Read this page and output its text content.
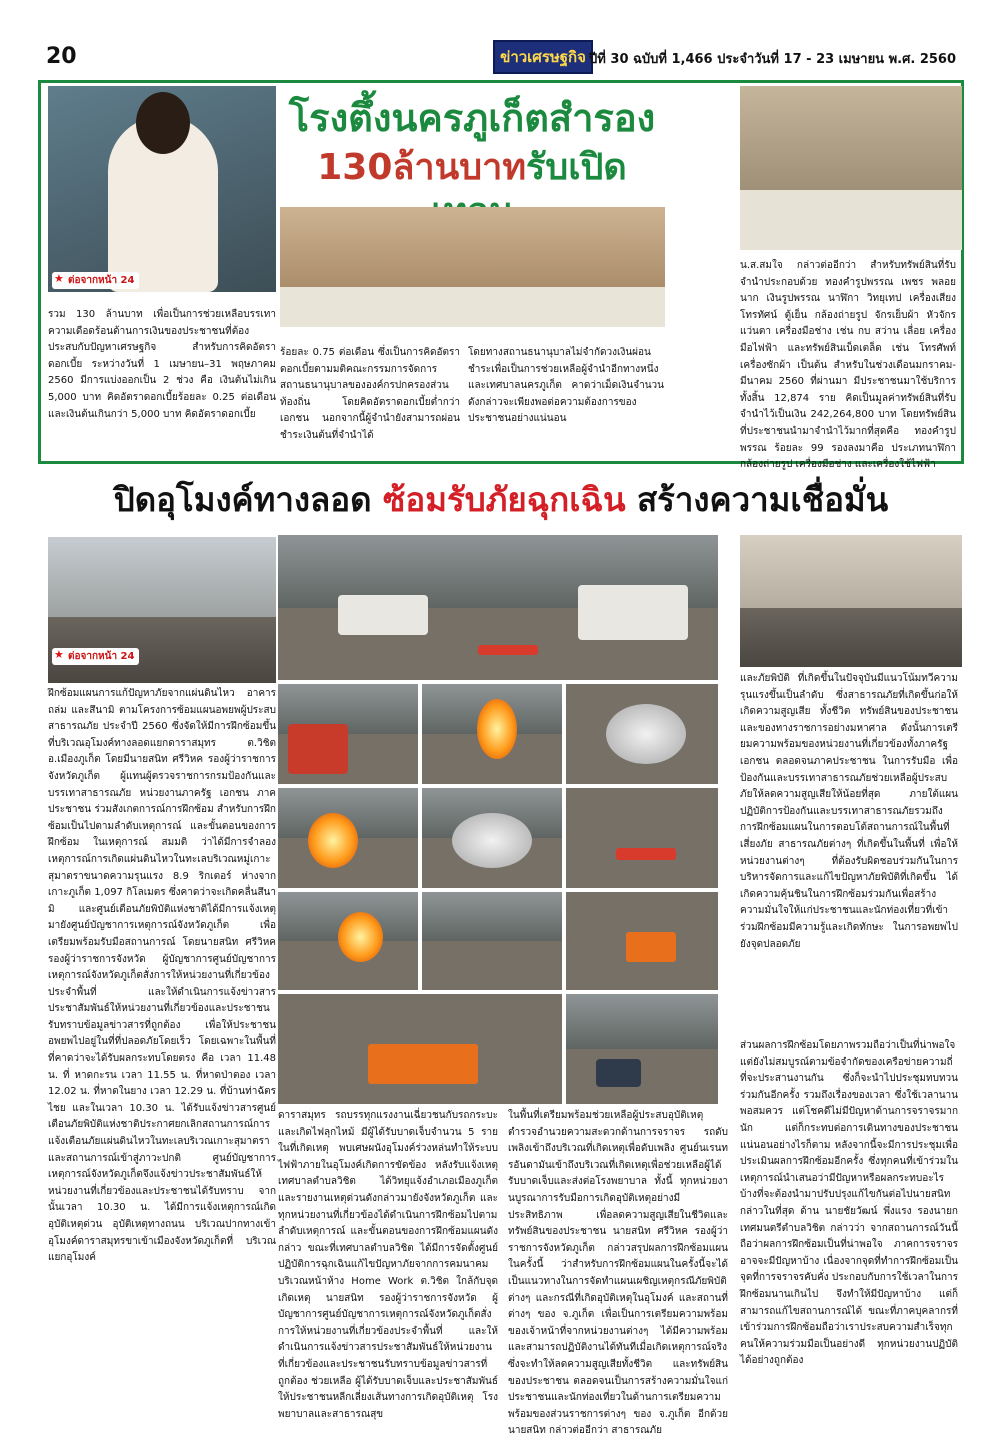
20	ข่าวเศรษฐกิจ ปีที่ 30 ฉบับที่ 1,466 ประจำวันที่ 17 - 23 เมษายน พ.ศ. 2560
★ ต่อจากหน้า 24
โรงตึ้งนครภูเก็ตสำรอง
130ล้านบาทรับเปิด
รวม 130 ล้านบาท เพื่อเป็นการช่วยเหลือบรรเทาความเดือดร้อนด้านการเงินของประชาชนที่ต้องประสบกับปัญหาเศรษฐกิจ สำหรับการคิดอัตราดอกเบี้ย ระหว่างวันที่ 1 เมษายน–31 พฤษภาคม 2560 มีการแบ่งออกเป็น 2 ช่วง คือ เงินต้นไม่เกิน 5,000 บาท คิดอัตราดอกเบี้ยร้อยละ 0.25 ต่อเดือน และเงินต้นเกินกว่า 5,000 บาท คิดอัตราดอกเบี้ย
ร้อยละ 0.75 ต่อเดือน ซึ่งเป็นการคิดอัตราดอกเบี้ยตามมติคณะกรรมการจัดการสถานธนานุบาลขององค์กรปกครองส่วนท้องถิ่น โดยคิดอัตราดอกเบี้ยต่ำกว่าเอกชน นอกจากนี้ผู้จำนำยังสามารถผ่อนชำระเงินต้นที่จำนำได้
โดยทางสถานธนานุบาลไม่จำกัดวงเงินผ่อนชำระเพื่อเป็นการช่วยเหลือผู้จำนำอีกทางหนึ่ง และเทศบาลนครภูเก็ต คาดว่าเม็ดเงินจำนวนดังกล่าวจะเพียงพอต่อความต้องการของประชาชนอย่างแน่นอน
น.ส.สมใจ กล่าวต่ออีกว่า สำหรับทรัพย์สินที่รับจำนำประกอบด้วย ทองคำรูปพรรณ เพชร พลอย นาก เงินรูปพรรณ นาฬิกา วิทยุเทป เครื่องเสียง โทรทัศน์ ตู้เย็น กล้องถ่ายรูป จักรเย็บผ้า หัวจักร แว่นตา เครื่องมือช่าง เช่น กบ สว่าน เลื่อย เครื่องมือไฟฟ้า และทรัพย์สินเบ็ดเตล็ด เช่น โทรศัพท์ เครื่องซักผ้า เป็นต้น สำหรับในช่วงเดือนมกราคม-มีนาคม 2560 ที่ผ่านมา มีประชาชนมาใช้บริการทั้งสิ้น 12,874 ราย คิดเป็นมูลค่าทรัพย์สินที่รับจำนำไว้เป็นเงิน 242,264,800 บาท โดยทรัพย์สินที่ประชาชนนำมาจำนำไว้มากที่สุดคือ ทองคำรูปพรรณ ร้อยละ 99 รองลงมาคือ ประเภทนาฬิกา กล้องถ่ายรูป เครื่องมือช่าง และเครื่องใช้ไฟฟ้า
ปิดอุโมงค์ทางลอด ซ้อมรับภัยฉุกเฉิน สร้างความเชื่อมั่น
★ ต่อจากหน้า 24
ฝึกซ้อมแผนการแก้ปัญหาภัยจากแผ่นดินไหว อาคารถล่ม และสึนามิ ตามโครงการซ้อมแผนอพยพผู้ประสบสาธารณภัย ประจำปี 2560 ซึ่งจัดให้มีการฝึกซ้อมขึ้นที่บริเวณอุโมงค์ทางลอดแยกดาราสมุทร ต.วิชิต อ.เมืองภูเก็ต โดยมีนายสนิท ศรีวิหค รองผู้ว่าราชการจังหวัดภูเก็ต ผู้แทนผู้ตรวจราชการกรมป้องกันและบรรเทาสาธารณภัย หน่วยงานภาครัฐ เอกชน ภาคประชาชน ร่วมสังเกตการณ์การฝึกซ้อม สำหรับการฝึกซ้อมเป็นไปตามลำดับเหตุการณ์ และขั้นตอนของการฝึกซ้อม ในเหตุการณ์ สมมติ ว่าได้มีการจำลองเหตุการณ์การเกิดแผ่นดินไหวในทะเลบริเวณหมู่เกาะสุมาตราขนาดความรุนแรง 8.9 ริกเตอร์ ห่างจากเกาะภูเก็ต 1,097 กิโลเมตร ซึ่งคาดว่าจะเกิดคลื่นสึนามิ และศูนย์เตือนภัยพิบัติแห่งชาติได้มีการแจ้งเหตุมายังศูนย์บัญชาการเหตุการณ์จังหวัดภูเก็ต เพื่อเตรียมพร้อมรับมือสถานการณ์ โดยนายสนิท ศรีวิหค รองผู้ว่าราชการจังหวัด ผู้บัญชาการศูนย์บัญชาการเหตุการณ์จังหวัดภูเก็ตสั่งการให้หน่วยงานที่เกี่ยวข้องประจำพื้นที่ และให้ดำเนินการแจ้งข่าวสารประชาสัมพันธ์ให้หน่วยงานที่เกี่ยวข้องและประชาชนรับทราบข้อมูลข่าวสารที่ถูกต้อง เพื่อให้ประชาชนอพยพไปอยู่ในที่ที่ปลอดภัยโดยเร็ว โดยเฉพาะในพื้นที่ที่คาดว่าจะได้รับผลกระทบโดยตรง คือ เวลา 11.48 น. ที่ หาดกะรน เวลา 11.55 น. ที่หาดป่าตอง เวลา 12.02 น. ที่หาดในยาง เวลา 12.29 น. ที่บ้านท่าฉัตรไชย และในเวลา 10.30 น. ได้รับแจ้งข่าวสารศูนย์เตือนภัยพิบัติแห่งชาติประกาศยกเลิกสถานการณ์การแจ้งเตือนภัยแผ่นดินไหวในทะเลบริเวณเกาะสุมาตรา และสถานการณ์เข้าสู่ภาวะปกติ ศูนย์บัญชาการเหตุการณ์จังหวัดภูเก็ตจึงแจ้งข่าวประชาสัมพันธ์ให้หน่วยงานที่เกี่ยวข้องและประชาชนได้รับทราบ จากนั้นเวลา 10.30 น. ได้มีการแจ้งเหตุการณ์เกิด อุบัติเหตุด่วน อุบัติเหตุทางถนน บริเวณปากทางเข้าอุโมงค์ดาราสมุทรขาเข้าเมืองจังหวัดภูเก็ตที่ บริเวณแยกอุโมงค์
ดาราสมุทร รถบรรทุกแรงงานเฉี่ยวชนกับรถกระบะและเกิดไฟลุกไหม้ มีผู้ได้รับบาดเจ็บจำนวน 5 ราย ในที่เกิดเหตุ พบเศษผนังอุโมงค์ร่วงหล่นทำให้ระบบไฟฟ้าภายในอุโมงค์เกิดการขัดข้อง หลังรับแจ้งเหตุ เทศบาลตำบลวิชิต ได้วิทยุแจ้งอำเภอเมืองภูเก็ต และรายงานเหตุด่วนดังกล่าวมายังจังหวัดภูเก็ต และทุกหน่วยงานที่เกี่ยวข้องได้ดำเนินการฝึกซ้อมไปตามลำดับเหตุการณ์ และขั้นตอนของการฝึกซ้อมแผนดังกล่าว ขณะที่เทศบาลตำบลวิชิต ได้มีการจัดตั้งศูนย์ปฏิบัติการฉุกเฉินแก้ไขปัญหาภัยจากการคมนาคม บริเวณหน้าห้าง Home Work ต.วิชิต ใกล้กับจุดเกิดเหตุ นายสนิท รองผู้ว่าราชการจังหวัด ผู้บัญชาการศูนย์บัญชาการเหตุการณ์จังหวัดภูเก็ตสั่งการให้หน่วยงานที่เกี่ยวข้องประจำพื้นที่ และให้ดำเนินการแจ้งข่าวสารประชาสัมพันธ์ให้หน่วยงานที่เกี่ยวข้องและประชาชนรับทราบข้อมูลข่าวสารที่ถูกต้อง ช่วยเหลือ ผู้ได้รับบาดเจ็บและประชาสัมพันธ์ให้ประชาชนหลีกเลี่ยงเส้นทางการเกิดอุบัติเหตุ โรงพยาบาลและสาธารณสุข
ในพื้นที่เตรียมพร้อมช่วยเหลือผู้ประสบอุบัติเหตุ ตำรวจอำนวยความสะดวกด้านการจราจร รถดับเพลิงเข้าถึงบริเวณที่เกิดเหตุเพื่อดับเพลิง ศูนย์นเรนทรอันดามันเข้าถึงบริเวณที่เกิดเหตุเพื่อช่วยเหลือผู้ได้รับบาดเจ็บและส่งต่อโรงพยาบาล ทั้งนี้ ทุกหน่วยงานบูรณาการรับมือการเกิดอุบัติเหตุอย่างมีประสิทธิภาพ เพื่อลดความสูญเสียในชีวิตและทรัพย์สินของประชาชน นายสนิท ศรีวิหค รองผู้ว่าราชการจังหวัดภูเก็ต กล่าวสรุปผลการฝึกซ้อมแผนในครั้งนี้ ว่าสำหรับการฝึกซ้อมแผนในครั้งนี้จะได้เป็นแนวทางในการจัดทำแผนเผชิญเหตุกรณีภัยพิบัติต่างๆ และกรณีที่เกิดอุบัติเหตุในอุโมงค์ และสถานที่ต่างๆ ของ จ.ภูเก็ต เพื่อเป็นการเตรียมความพร้อมของเจ้าหน้าที่จากหน่วยงานต่างๆ ได้มีความพร้อม และสามารถปฏิบัติงานได้ทันทีเมื่อเกิดเหตุการณ์จริง ซึ่งจะทำให้ลดความสูญเสียทั้งชีวิต และทรัพย์สินของประชาชน ตลอดจนเป็นการสร้างความมั่นใจแก่ประชาชนและนักท่องเที่ยวในด้านการเตรียมความพร้อมของส่วนราชการต่างๆ ของ จ.ภูเก็ต อีกด้วย นายสนิท กล่าวต่ออีกว่า สาธารณภัย
และภัยพิบัติ ที่เกิดขึ้นในปัจจุบันมีแนวโน้มทวีความรุนแรงขึ้นเป็นลำดับ ซึ่งสาธารณภัยที่เกิดขึ้นก่อให้เกิดความสูญเสีย ทั้งชีวิต ทรัพย์สินของประชาชน และของทางราชการอย่างมหาศาล ดังนั้นการเตรียมความพร้อมของหน่วยงานที่เกี่ยวข้องทั้งภาครัฐ เอกชน ตลอดจนภาคประชาชน ในการรับมือ เพื่อป้องกันและบรรเทาสาธารณภัยช่วยเหลือผู้ประสบภัยให้ลดความสูญเสียให้น้อยที่สุด ภายใต้แผนปฏิบัติการป้องกันและบรรเทาสาธารณภัยรวมถึงการฝึกซ้อมแผนในการตอบโต้สถานการณ์ในพื้นที่เสี่ยงภัย สาธารณภัยต่างๆ ที่เกิดขึ้นในพื้นที่ เพื่อให้หน่วยงานต่างๆ ที่ต้องรับผิดชอบร่วมกันในการบริหารจัดการและแก้ไขปัญหาภัยพิบัติที่เกิดขึ้น ได้เกิดความคุ้นชินในการฝึกซ้อมร่วมกันเพื่อสร้างความมั่นใจให้แก่ประชาชนและนักท่องเที่ยวที่เข้าร่วมฝึกซ้อมมีความรู้และเกิดทักษะ ในการอพยพไปยังจุดปลอดภัย
ส่วนผลการฝึกซ้อมโดยภาพรวมถือว่าเป็นที่น่าพอใจ แต่ยังไม่สมบูรณ์ตามข้อจำกัดของเครือข่ายความถี่ที่จะประสานงานกัน ซึ่งก็จะนำไปประชุมทบทวนร่วมกันอีกครั้ง รวมถึงเรื่องของเวลา ซึ่งใช้เวลานานพอสมควร แต่โชคดีไม่มีปัญหาด้านการจราจรมากนัก แต่ก็กระทบต่อการเดินทางของประชาชนแน่นอนอย่างไรก็ตาม หลังจากนี้จะมีการประชุมเพื่อประเมินผลการฝึกซ้อมอีกครั้ง ซึ่งทุกคนที่เข้าร่วมในเหตุการณ์นำเสนอว่ามีปัญหาหรือผลกระทบอะไรบ้างที่จะต้องนำมาปรับปรุงแก้ไขกันต่อไปนายสนิทกล่าวในที่สุด ด้าน นายชัยวัฒน์ พึ่งแรง รองนายกเทศมนตรีตำบลวิชิต กล่าวว่า จากสถานการณ์วันนี้ถือว่าผลการฝึกซ้อมเป็นที่น่าพอใจ ภาคการจราจรอาจจะมีปัญหาบ้าง เนื่องจากจุดที่ทำการฝึกซ้อมเป็นจุดที่การจราจรคับคั่ง ประกอบกับการใช้เวลาในการฝึกซ้อมนานเกินไป จึงทำให้มีปัญหาบ้าง แต่ก็สามารถแก้ไขสถานการณ์ได้ ขณะที่ภาคบุคลากรที่เข้าร่วมการฝึกซ้อมถือว่าเราประสบความสำเร็จทุกคนให้ความร่วมมือเป็นอย่างดี ทุกหน่วยงานปฏิบัติได้อย่างถูกต้อง
